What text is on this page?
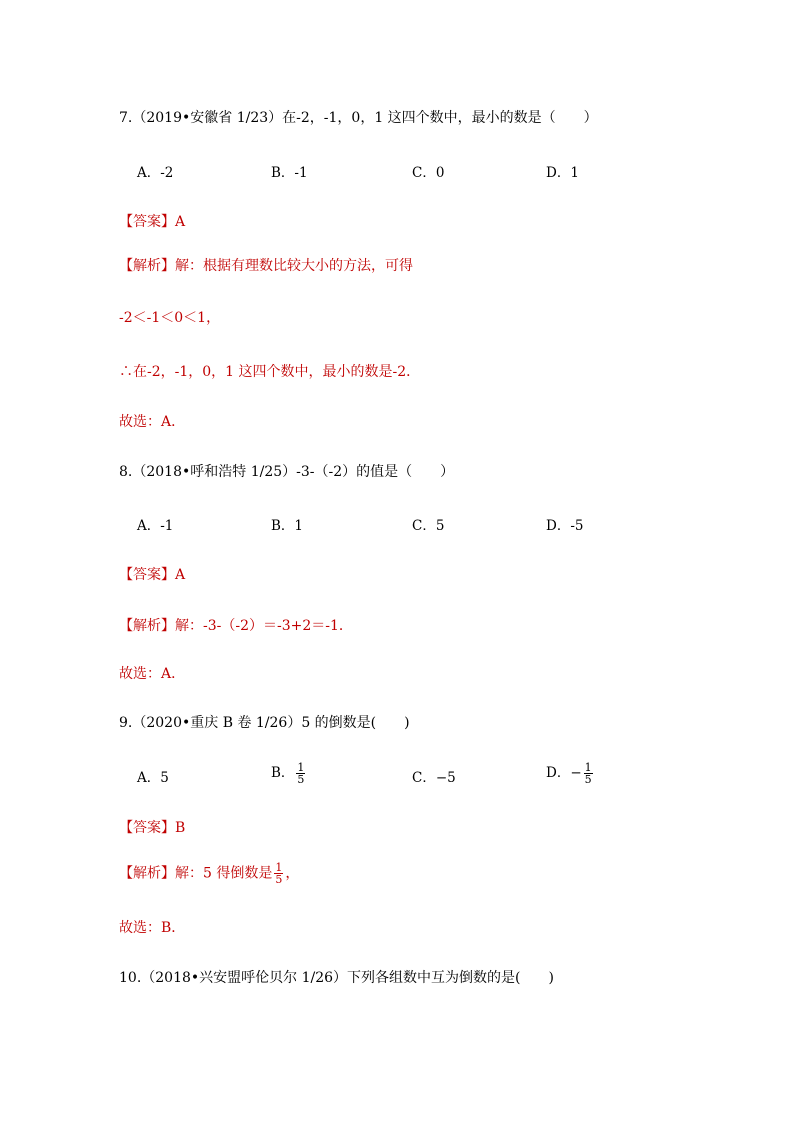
7.（2019•安徽省 1/23）在-2，-1，0，1 这四个数中，最小的数是（　　）
A．-2	B．-1	C．0	D．1
【答案】A
【解析】解：根据有理数比较大小的方法，可得
-2＜-1＜0＜1，
∴在-2，-1，0，1 这四个数中，最小的数是-2．
故选：A．
8.（2018•呼和浩特 1/25）-3-（-2）的值是（　　）
A．-1	B．1	C．5	D．-5
【答案】A
【解析】解：-3-（-2）＝-3+2＝-1．
故选：A．
9.（2020•重庆 B 卷 1/26）5 的倒数是(　　)
A．5	B． $\frac{1}{5}$	C．−5	D．− $\frac{1}{5}$
【答案】B
【解析】解：5 得倒数是 $\frac{1}{5}$ ，
故选：B．
10.（2018•兴安盟呼伦贝尔 1/26）下列各组数中互为倒数的是(　　)
